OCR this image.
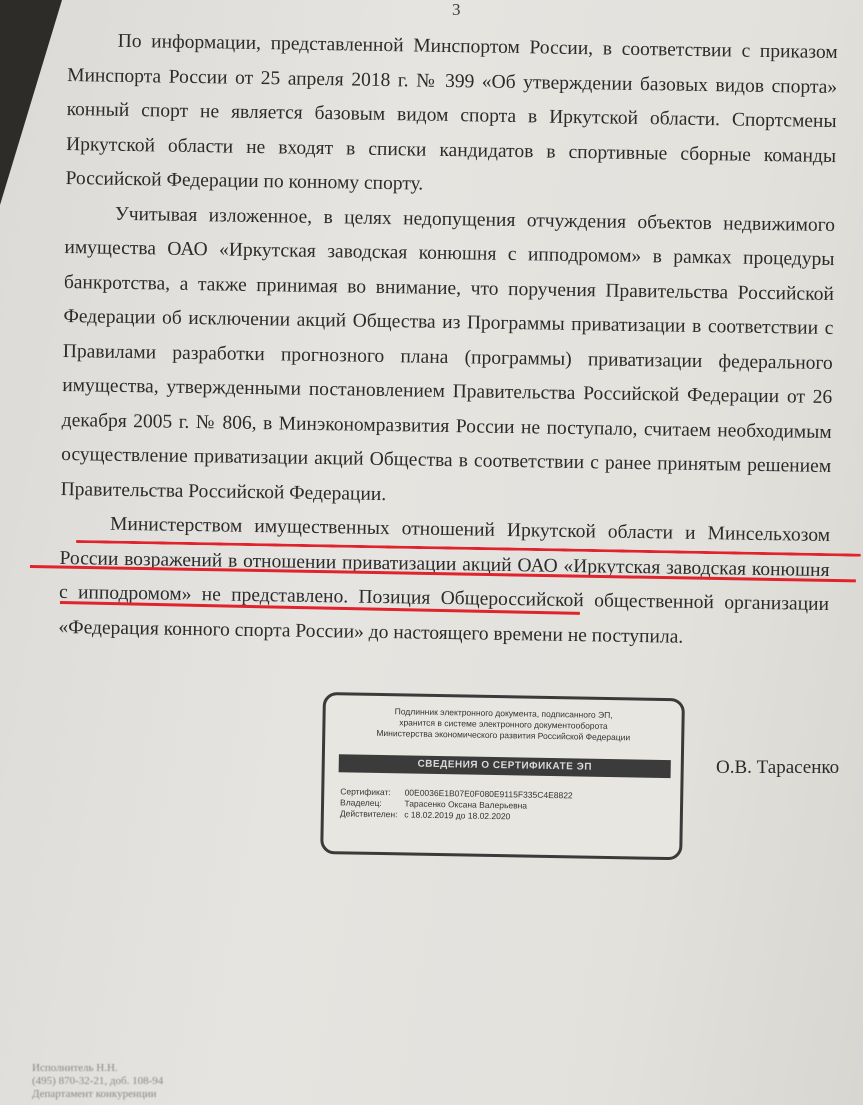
3

По информации, представленной Минспортом России, в соответствии с приказом Минспорта России от 25 апреля 2018 г. № 399 «Об утверждении базовых видов спорта» конный спорт не является базовым видом спорта в Иркутской области. Спортсмены Иркутской области не входят в списки кандидатов в спортивные сборные команды Российской Федерации по конному спорту.

Учитывая изложенное, в целях недопущения отчуждения объектов недвижимого имущества ОАО «Иркутская заводская конюшня с ипподромом» в рамках процедуры банкротства, а также принимая во внимание, что поручения Правительства Российской Федерации об исключении акций Общества из Программы приватизации в соответствии с Правилами разработки прогнозного плана (программы) приватизации федерального имущества, утвержденными постановлением Правительства Российской Федерации от 26 декабря 2005 г. № 806, в Минэкономразвития России не поступало, считаем необходимым осуществление приватизации акций Общества в соответствии с ранее принятым решением Правительства Российской Федерации.

Министерством имущественных отношений Иркутской области и Минсельхозом России возражений в отношении приватизации акций ОАО «Иркутская заводская конюшня с ипподромом» не представлено. Позиция Общероссийской общественной организации «Федерация конного спорта России» до настоящего времени не поступила.

Подлинник электронного документа, подписанного ЭП,
хранится в системе электронного документооборота
Министерства экономического развития Российской Федерации
СВЕДЕНИЯ О СЕРТИФИКАТЕ ЭП
Сертификат: 00E0036E1B07E0F080E9115F335C4E8822
Владелец:	Тарасенко Оксана Валерьевна
Действителен: с 18.02.2019 до 18.02.2020
О.В. Тарасенко
Исполнитель Н.Н.
(495) 870-32-21, доб. 108-94
Департамент конкуренции
